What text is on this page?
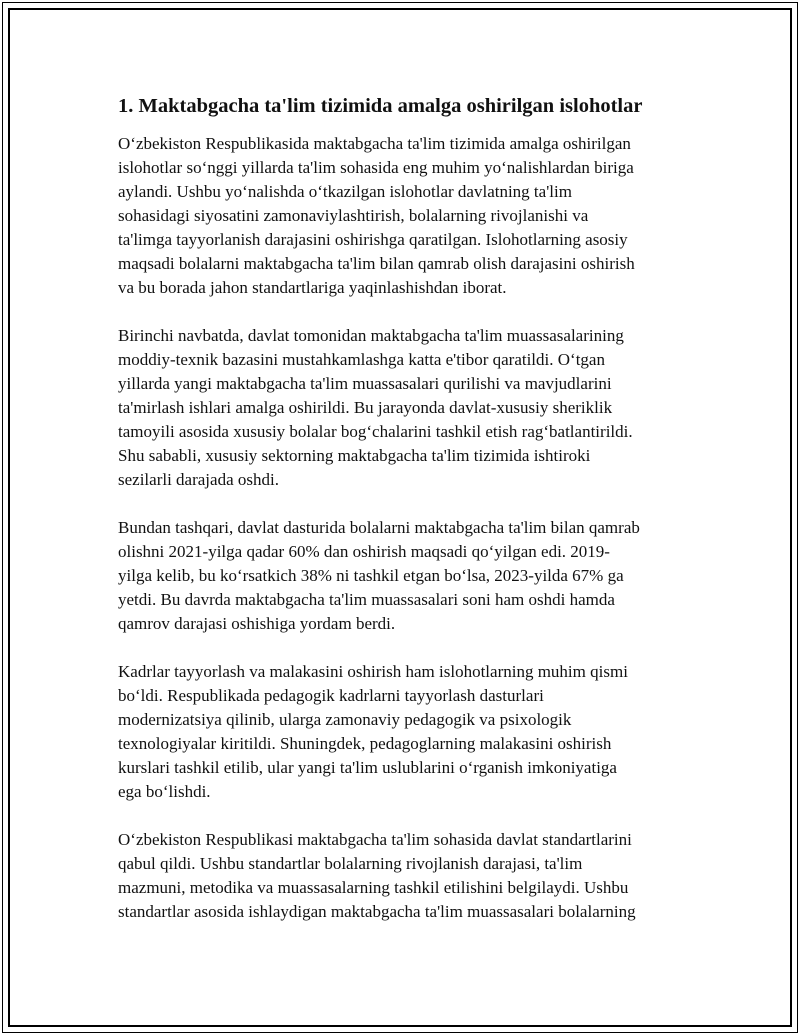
1. Maktabgacha ta'lim tizimida amalga oshirilgan islohotlar

O‘zbekiston Respublikasida maktabgacha ta'lim tizimida amalga oshirilgan
islohotlar so‘nggi yillarda ta'lim sohasida eng muhim yo‘nalishlardan biriga
aylandi. Ushbu yo‘nalishda o‘tkazilgan islohotlar davlatning ta'lim
sohasidagi siyosatini zamonaviylashtirish, bolalarning rivojlanishi va
ta'limga tayyorlanish darajasini oshirishga qaratilgan. Islohotlarning asosiy
maqsadi bolalarni maktabgacha ta'lim bilan qamrab olish darajasini oshirish
va bu borada jahon standartlariga yaqinlashishdan iborat.

Birinchi navbatda, davlat tomonidan maktabgacha ta'lim muassasalarining
moddiy-texnik bazasini mustahkamlashga katta e'tibor qaratildi. O‘tgan
yillarda yangi maktabgacha ta'lim muassasalari qurilishi va mavjudlarini
ta'mirlash ishlari amalga oshirildi. Bu jarayonda davlat-xususiy sheriklik
tamoyili asosida xususiy bolalar bog‘chalarini tashkil etish rag‘batlantirildi.
Shu sababli, xususiy sektorning maktabgacha ta'lim tizimida ishtiroki
sezilarli darajada oshdi.

Bundan tashqari, davlat dasturida bolalarni maktabgacha ta'lim bilan qamrab
olishni 2021-yilga qadar 60% dan oshirish maqsadi qo‘yilgan edi. 2019-
yilga kelib, bu ko‘rsatkich 38% ni tashkil etgan bo‘lsa, 2023-yilda 67% ga
yetdi. Bu davrda maktabgacha ta'lim muassasalari soni ham oshdi hamda
qamrov darajasi oshishiga yordam berdi.

Kadrlar tayyorlash va malakasini oshirish ham islohotlarning muhim qismi
bo‘ldi. Respublikada pedagogik kadrlarni tayyorlash dasturlari
modernizatsiya qilinib, ularga zamonaviy pedagogik va psixologik
texnologiyalar kiritildi. Shuningdek, pedagoglarning malakasini oshirish
kurslari tashkil etilib, ular yangi ta'lim uslublarini o‘rganish imkoniyatiga
ega bo‘lishdi.

O‘zbekiston Respublikasi maktabgacha ta'lim sohasida davlat standartlarini
qabul qildi. Ushbu standartlar bolalarning rivojlanish darajasi, ta'lim
mazmuni, metodika va muassasalarning tashkil etilishini belgilaydi. Ushbu
standartlar asosida ishlaydigan maktabgacha ta'lim muassasalari bolalarning
